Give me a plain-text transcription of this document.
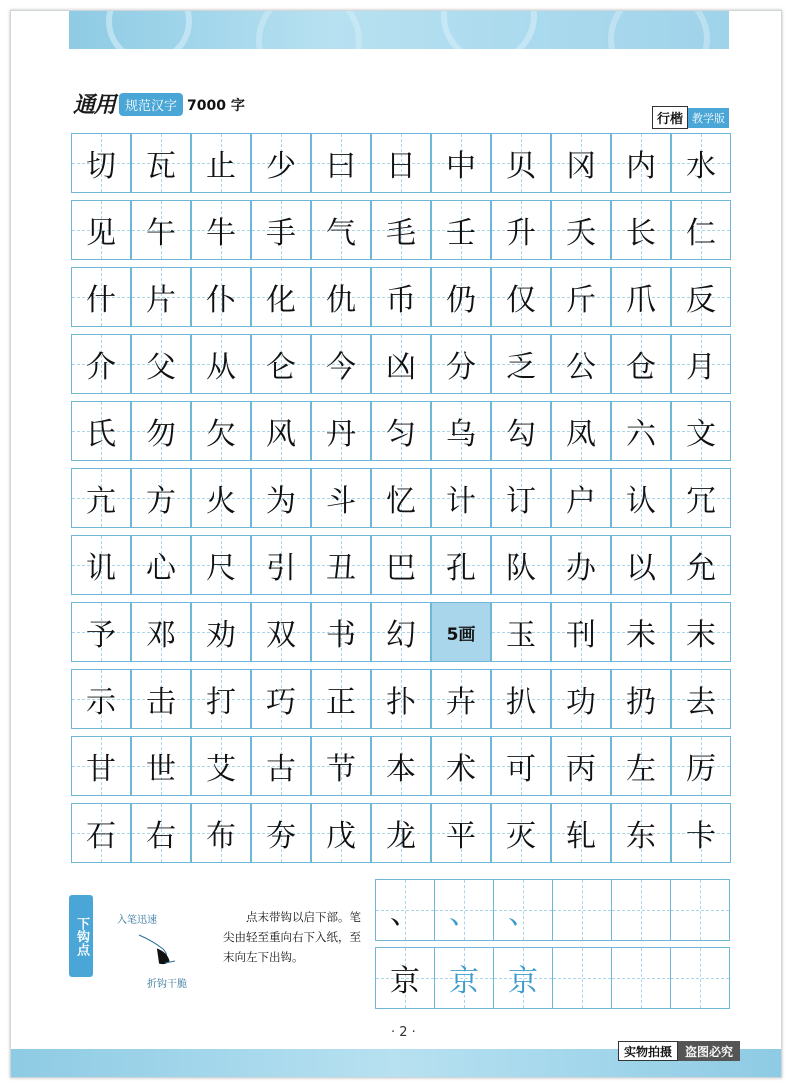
通用 规范汉字 7000 字
行楷 教学版
切 瓦 止 少 曰 日 中 贝 冈 内 水
见 午 牛 手 气 毛 壬 升 夭 长 仁
什 片 仆 化 仇 币 仍 仅 斤 爪 反
介 父 从 仑 今 凶 分 乏 公 仓 月
氏 勿 欠 风 丹 匀 乌 勾 凤 六 文
亢 方 火 为 斗 忆 计 订 户 认 冗
讥 心 尺 引 丑 巴 孔 队 办 以 允
予 邓 劝 双 书 幻 5画 玉 刊 未 末
示 击 打 巧 正 扑 卉 扒 功 扔 去
甘 世 艾 古 节 本 术 可 丙 左 厉
石 右 布 夯 戊 龙 平 灭 轧 东 卡
下钩点	入笔迅速
折钩干脆
点末带钩以启下部。笔尖由轻至重向右下入纸，至末向左下出钩。
、 、 、
京 京 京
· 2 ·
实物拍摄	盗图必究
